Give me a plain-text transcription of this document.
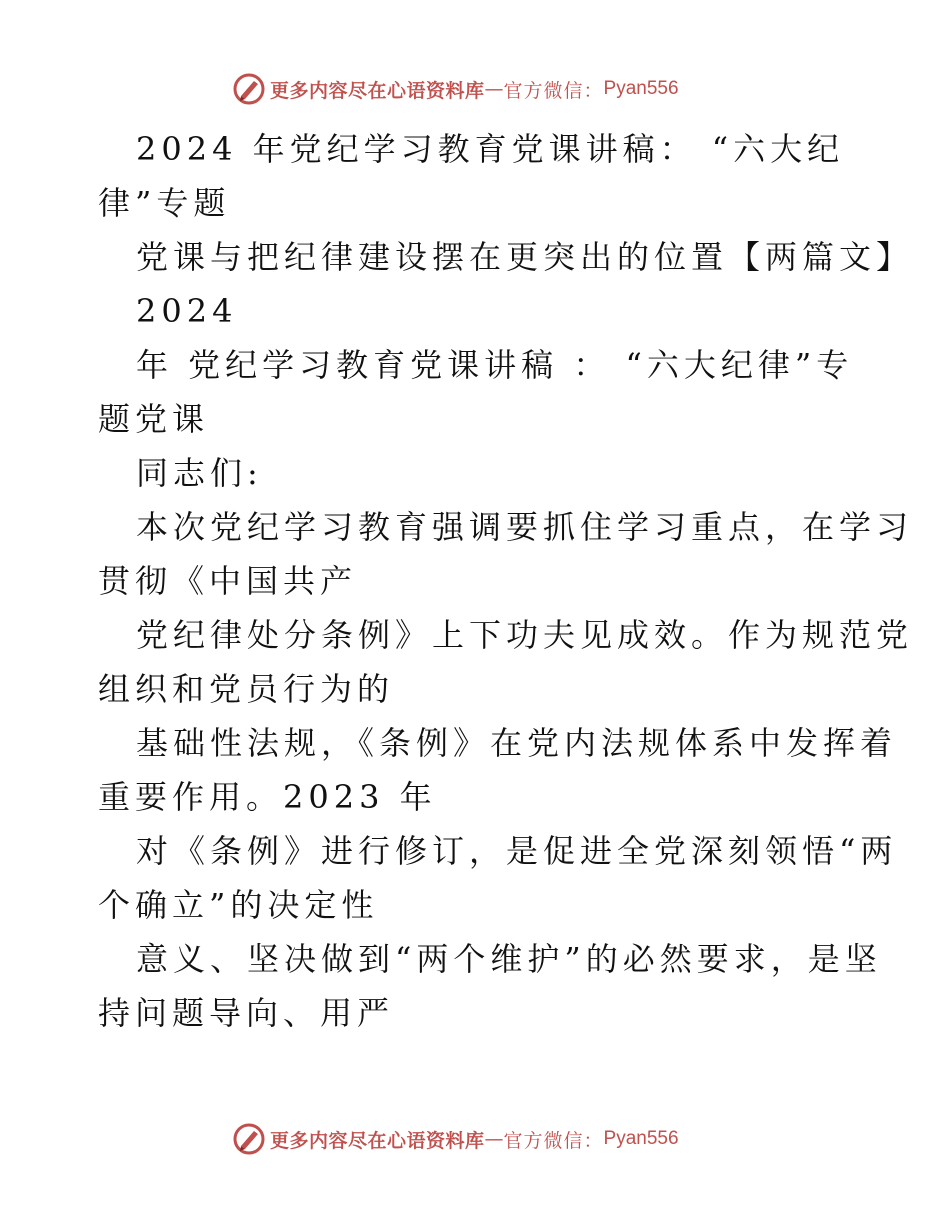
更多内容尽在心语资料库 — 官方微信： Pyan556
2024 年党纪学习教育党课讲稿： “六大纪
律”专题
党课与把纪律建设摆在更突出的位置【两篇文】
2024
年 党纪学习教育党课讲稿 ： “六大纪律”专
题党课
同志们:
本次党纪学习教育强调要抓住学习重点，在学习
贯彻《中国共产
党纪律处分条例》上下功夫见成效。作为规范党
组织和党员行为的
基础性法规，《条例》在党内法规体系中发挥着
重要作用。2023 年
对《条例》进行修订，是促进全党深刻领悟“两
个确立”的决定性
意义、坚决做到“两个维护”的必然要求，是坚
持问题导向、用严
更多内容尽在心语资料库 — 官方微信： Pyan556
